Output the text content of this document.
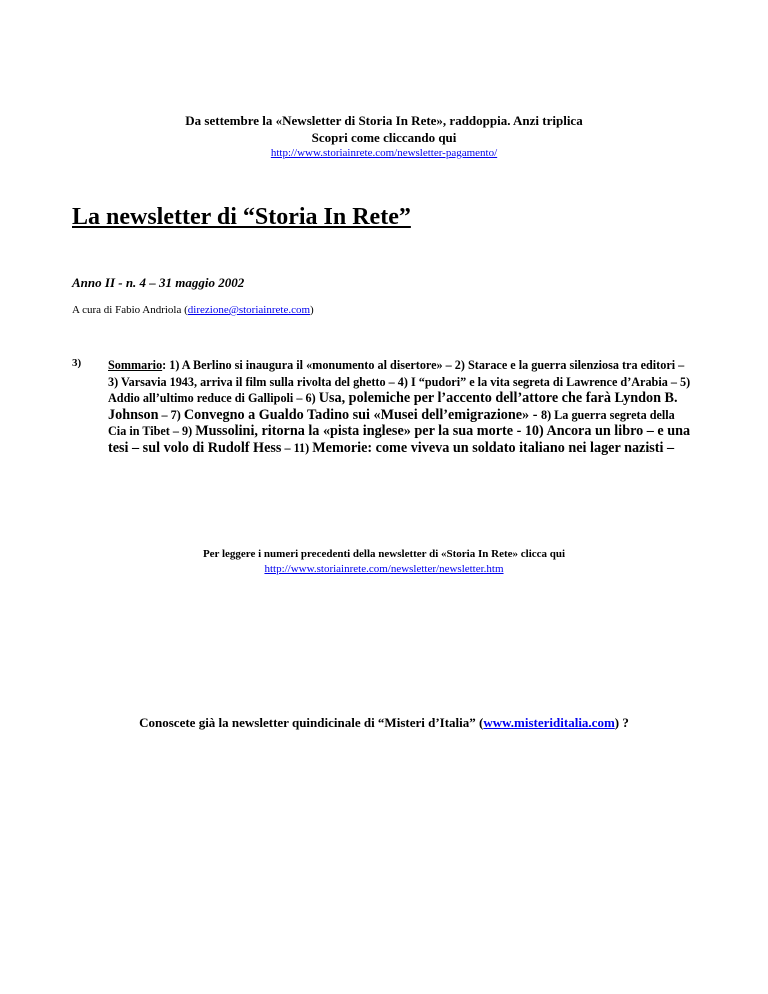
Da settembre la «Newsletter di Storia In Rete», raddoppia. Anzi triplica
Scopri come cliccando qui
http://www.storiainrete.com/newsletter-pagamento/
La newsletter di “Storia In Rete”
Anno II - n. 4 – 31 maggio 2002
A cura di Fabio Andriola (direzione@storiainrete.com)
3) Sommario: 1) A Berlino si inaugura il «monumento al disertore» – 2) Starace e la guerra silenziosa tra editori – 3) Varsavia 1943, arriva il film sulla rivolta del ghetto – 4) I “pudori” e la vita segreta di Lawrence d’Arabia – 5) Addio all’ultimo reduce di Gallipoli – 6) Usa, polemiche per l’accento dell’attore che farà Lyndon B. Johnson – 7) Convegno a Gualdo Tadino sui «Musei dell’emigrazione» - 8) La guerra segreta della Cia in Tibet – 9) Mussolini, ritorna la «pista inglese» per la sua morte - 10) Ancora un libro – e una tesi – sul volo di Rudolf Hess – 11) Memorie: come viveva un soldato italiano nei lager nazisti –
Per leggere i numeri precedenti della newsletter di «Storia In Rete» clicca qui
http://www.storiainrete.com/newsletter/newsletter.htm
Conoscete già la newsletter quindicinale di “Misteri d’Italia” (www.misteriditalia.com) ?
